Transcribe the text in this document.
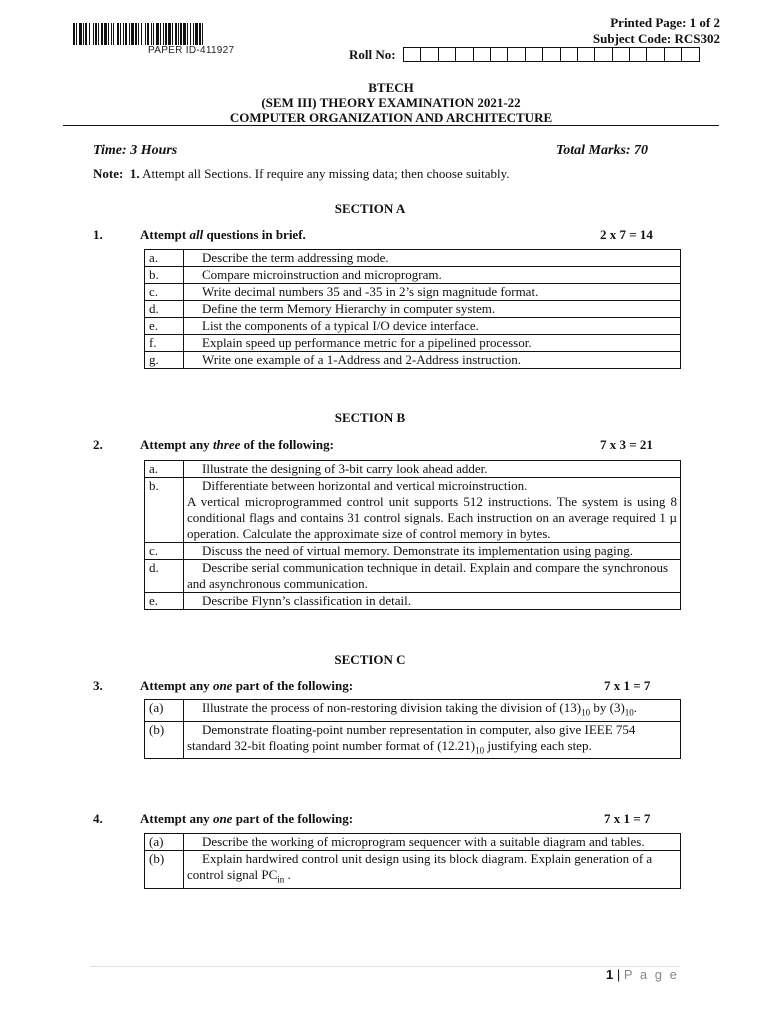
PAPER ID-411927
Printed Page: 1 of 2
Subject Code: RCS302
Roll No:
BTECH
(SEM III) THEORY EXAMINATION 2021-22
COMPUTER ORGANIZATION AND ARCHITECTURE
Time: 3 Hours	Total Marks: 70
Note: 1. Attempt all Sections. If require any missing data; then choose suitably.
SECTION A
1.	Attempt all questions in brief.	2 x 7 = 14
a.	Describe the term addressing mode.
b.	Compare microinstruction and microprogram.
c.	Write decimal numbers 35 and -35 in 2’s sign magnitude format.
d.	Define the term Memory Hierarchy in computer system.
e.	List the components of a typical I/O device interface.
f.	Explain speed up performance metric for a pipelined processor.
g.	Write one example of a 1-Address and 2-Address instruction.
SECTION B
2.	Attempt any three of the following:	7 x 3 = 21
a.	Illustrate the designing of 3-bit carry look ahead adder.
b.	Differentiate between horizontal and vertical microinstruction.
A vertical microprogrammed control unit supports 512 instructions. The system is using 8 conditional flags and contains 31 control signals. Each instruction on an average required 1 µ operation. Calculate the approximate size of control memory in bytes.

c.	Discuss the need of virtual memory. Demonstrate its implementation using paging.
d.	Describe serial communication technique in detail. Explain and compare the synchronous and asynchronous communication.
e.	Describe Flynn’s classification in detail.
SECTION C
3.	Attempt any one part of the following:	7 x 1 = 7
(a)	Illustrate the process of non-restoring division taking the division of $(13)_{10}$ by $(3)_{10}$.
(b)	Demonstrate floating-point number representation in computer, also give IEEE 754 standard 32-bit floating point number format of $(12.21)_{10}$ justifying each step.
4.	Attempt any one part of the following:	7 x 1 = 7
(a)	Describe the working of microprogram sequencer with a suitable diagram and tables.
(b)	Explain hardwired control unit design using its block diagram. Explain generation of a control signal $PC_{in}$ .
1 | P a g e
